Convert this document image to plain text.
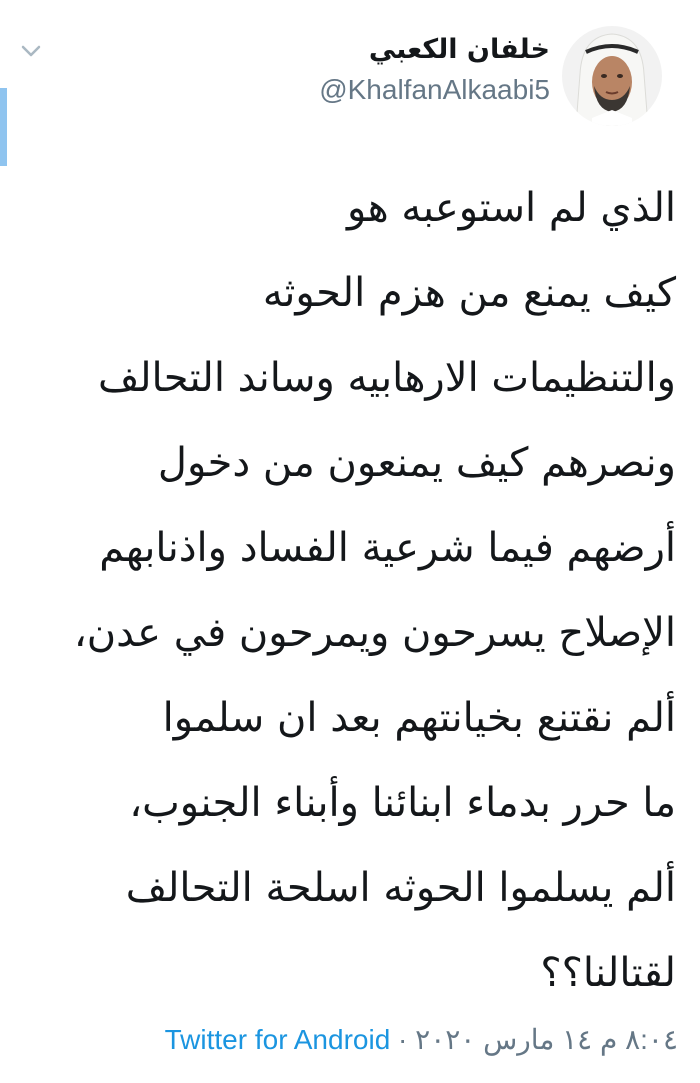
خلفان الكعبي
@KhalfanAlkaabi5
الذي لم استوعبه هو
كيف يمنع من هزم الحوثه
والتنظيمات الارهابيه وساند التحالف
ونصرهم كيف يمنعون من دخول
أرضهم فيما شرعية الفساد واذنابهم
الإصلاح يسرحون ويمرحون في عدن،
ألم نقتنع بخيانتهم بعد ان سلموا
ما حرر بدماء ابنائنا وأبناء الجنوب،
ألم يسلموا الحوثه اسلحة التحالف
لقتالنا؟؟
٨:٠٤ م ١٤ مارس ٢٠٢٠ · Twitter for Android
